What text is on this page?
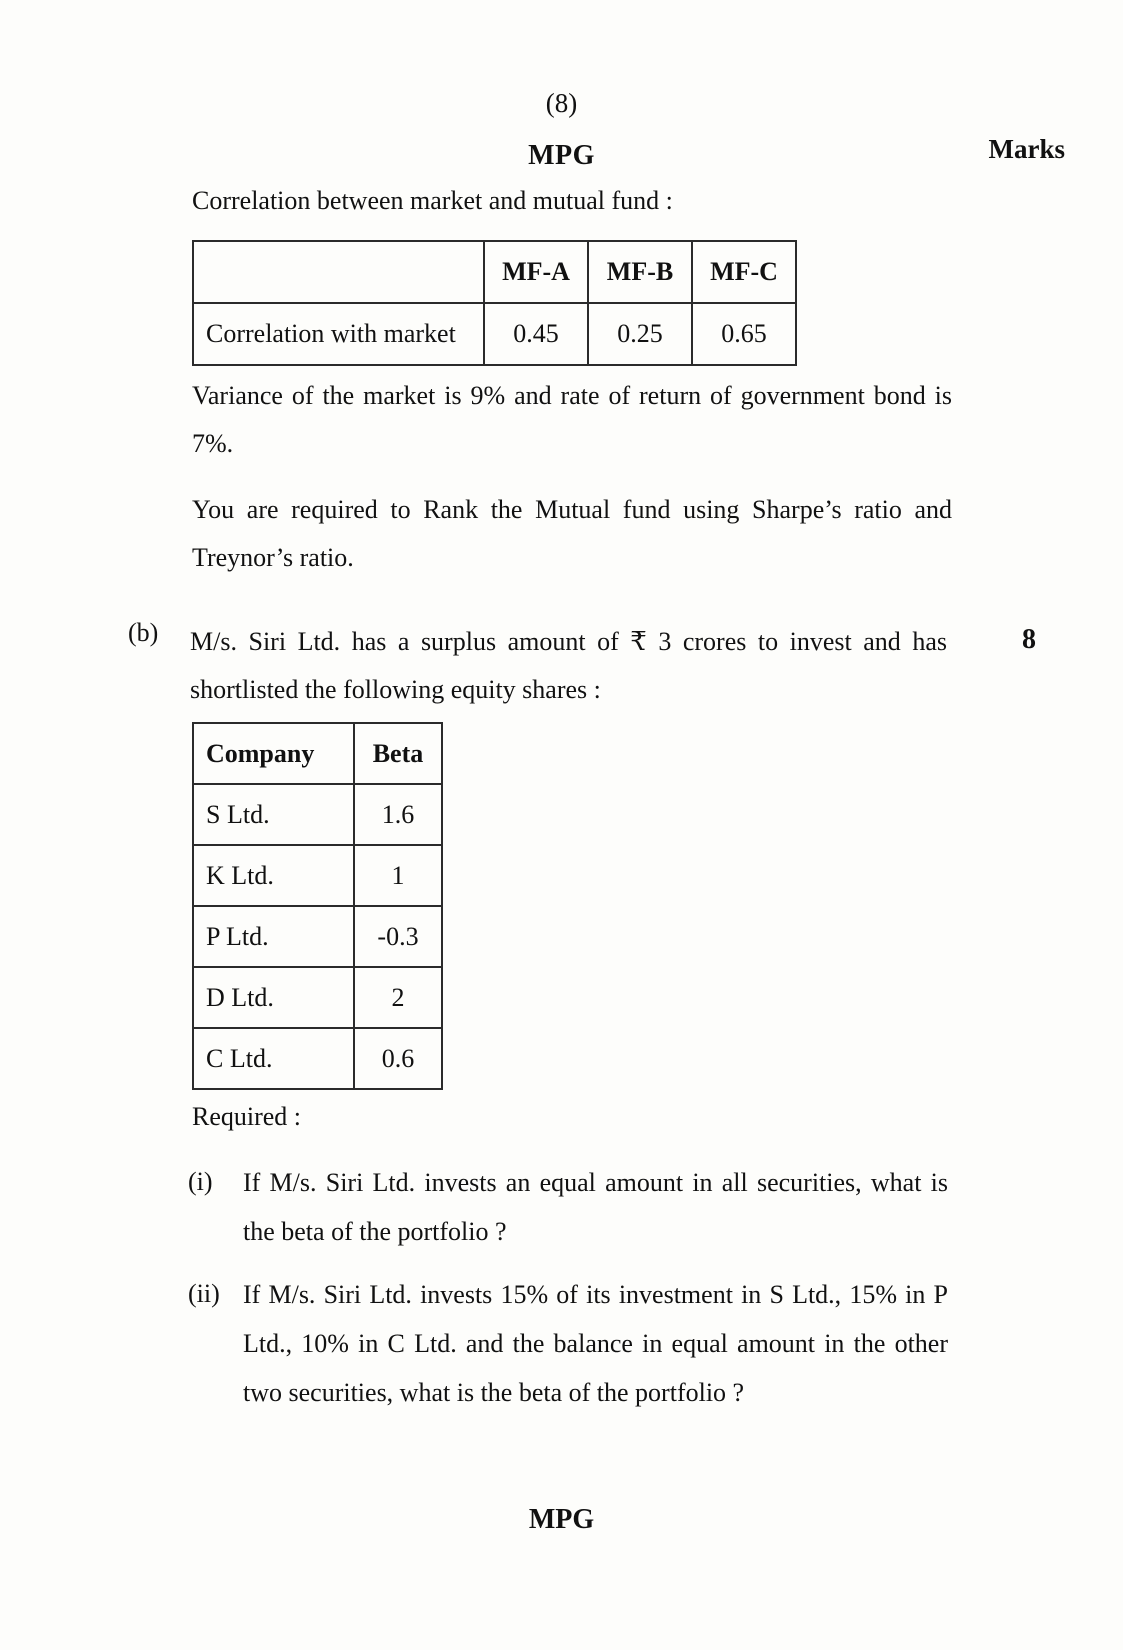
(8)
MPG	Marks
Correlation between market and mutual fund :
	MF-A	MF-B	MF-C
Correlation with market	0.45	0.25	0.65
Variance of the market is 9% and rate of return of government bond is 7%.
You are required to Rank the Mutual fund using Sharpe’s ratio and Treynor’s ratio.
(b)	8
M/s. Siri Ltd. has a surplus amount of ₹ 3 crores to invest and has shortlisted the following equity shares :
Company	Beta
S Ltd.	1.6
K Ltd.	1
P Ltd.	-0.3
D Ltd.	2
C Ltd.	0.6
Required :
(i) If M/s. Siri Ltd. invests an equal amount in all securities, what is the beta of the portfolio ?
(ii) If M/s. Siri Ltd. invests 15% of its investment in S Ltd., 15% in P Ltd., 10% in C Ltd. and the balance in equal amount in the other two securities, what is the beta of the portfolio ?
MPG
